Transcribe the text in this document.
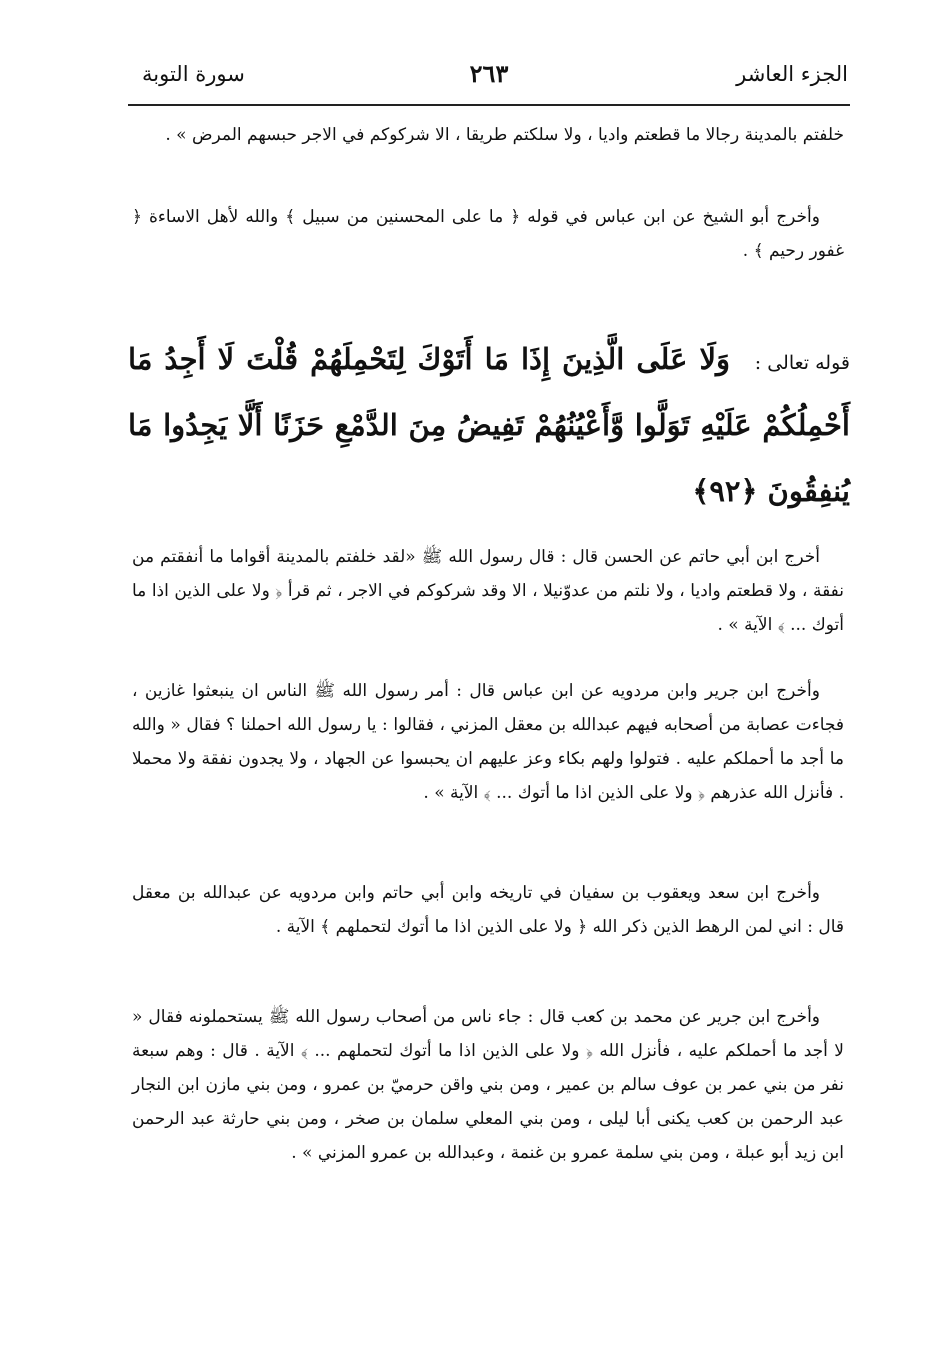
الجزء العاشر
٢٦٣
سورة التوبة

خلفتم بالمدينة رجالا ما قطعتم واديا ، ولا سلكتم طريقا ، الا شركوكم في الاجر حبسهم المرض » .

وأخرج أبو الشيخ عن ابن عباس في قوله ﴿ ما على المحسنين من سبيل ﴾ والله لأهل الاساءة ﴿ غفور رحيم ﴾ .

وَلَا عَلَى الَّذِينَ إِذَا مَا أَتَوْكَ لِتَحْمِلَهُمْ قُلْتَ لَا أَجِدُ مَا أَحْمِلُكُمْ عَلَيْهِ تَوَلَّوا وَّأَعْيُنُهُمْ تَفِيضُ مِنَ الدَّمْعِ حَزَنًا أَلَّا يَجِدُوا مَا يُنفِقُونَ ﴿٩٢﴾

قوله تعالى :

أخرج ابن أبي حاتم عن الحسن قال : قال رسول الله ﷺ «لقد خلفتم بالمدينة أقواما ما أنفقتم من نفقة ، ولا قطعتم واديا ، ولا نلتم من عدوّنيلا ، الا وقد شركوكم في الاجر ، ثم قرأ ﴿ ولا على الذين اذا ما أتوك ... ﴾ الآية » .

وأخرج ابن جرير وابن مردويه عن ابن عباس قال : أمر رسول الله ﷺ الناس ان ينبعثوا غازين ، فجاءت عصابة من أصحابه فيهم عبدالله بن معقل المزني ، فقالوا : يا رسول الله احملنا ؟ فقال « والله ما أجد ما أحملكم عليه . فتولوا ولهم بكاء وعز عليهم ان يحبسوا عن الجهاد ، ولا يجدون نفقة ولا محملا . فأنزل الله عذرهم ﴿ ولا على الذين اذا ما أتوك ... ﴾ الآية » .

وأخرج ابن سعد ويعقوب بن سفيان في تاريخه وابن أبي حاتم وابن مردويه عن عبدالله بن معقل قال : اني لمن الرهط الذين ذكر الله ﴿ ولا على الذين اذا ما أتوك لتحملهم ﴾ الآية .

وأخرج ابن جرير عن محمد بن كعب قال : جاء ناس من أصحاب رسول الله ﷺ يستحملونه فقال « لا أجد ما أحملكم عليه ، فأنزل الله ﴿ ولا على الذين اذا ما أتوك لتحملهم ... ﴾ الآية . قال : وهم سبعة نفر من بني عمر بن عوف سالم بن عمير ، ومن بني واقن حرميّ بن عمرو ، ومن بني مازن ابن النجار عبد الرحمن بن كعب يكنى أبا ليلى ، ومن بني المعلي سلمان بن صخر ، ومن بني حارثة عبد الرحمن ابن زيد أبو عبلة ، ومن بني سلمة عمرو بن غنمة ، وعبدالله بن عمرو المزني » .
